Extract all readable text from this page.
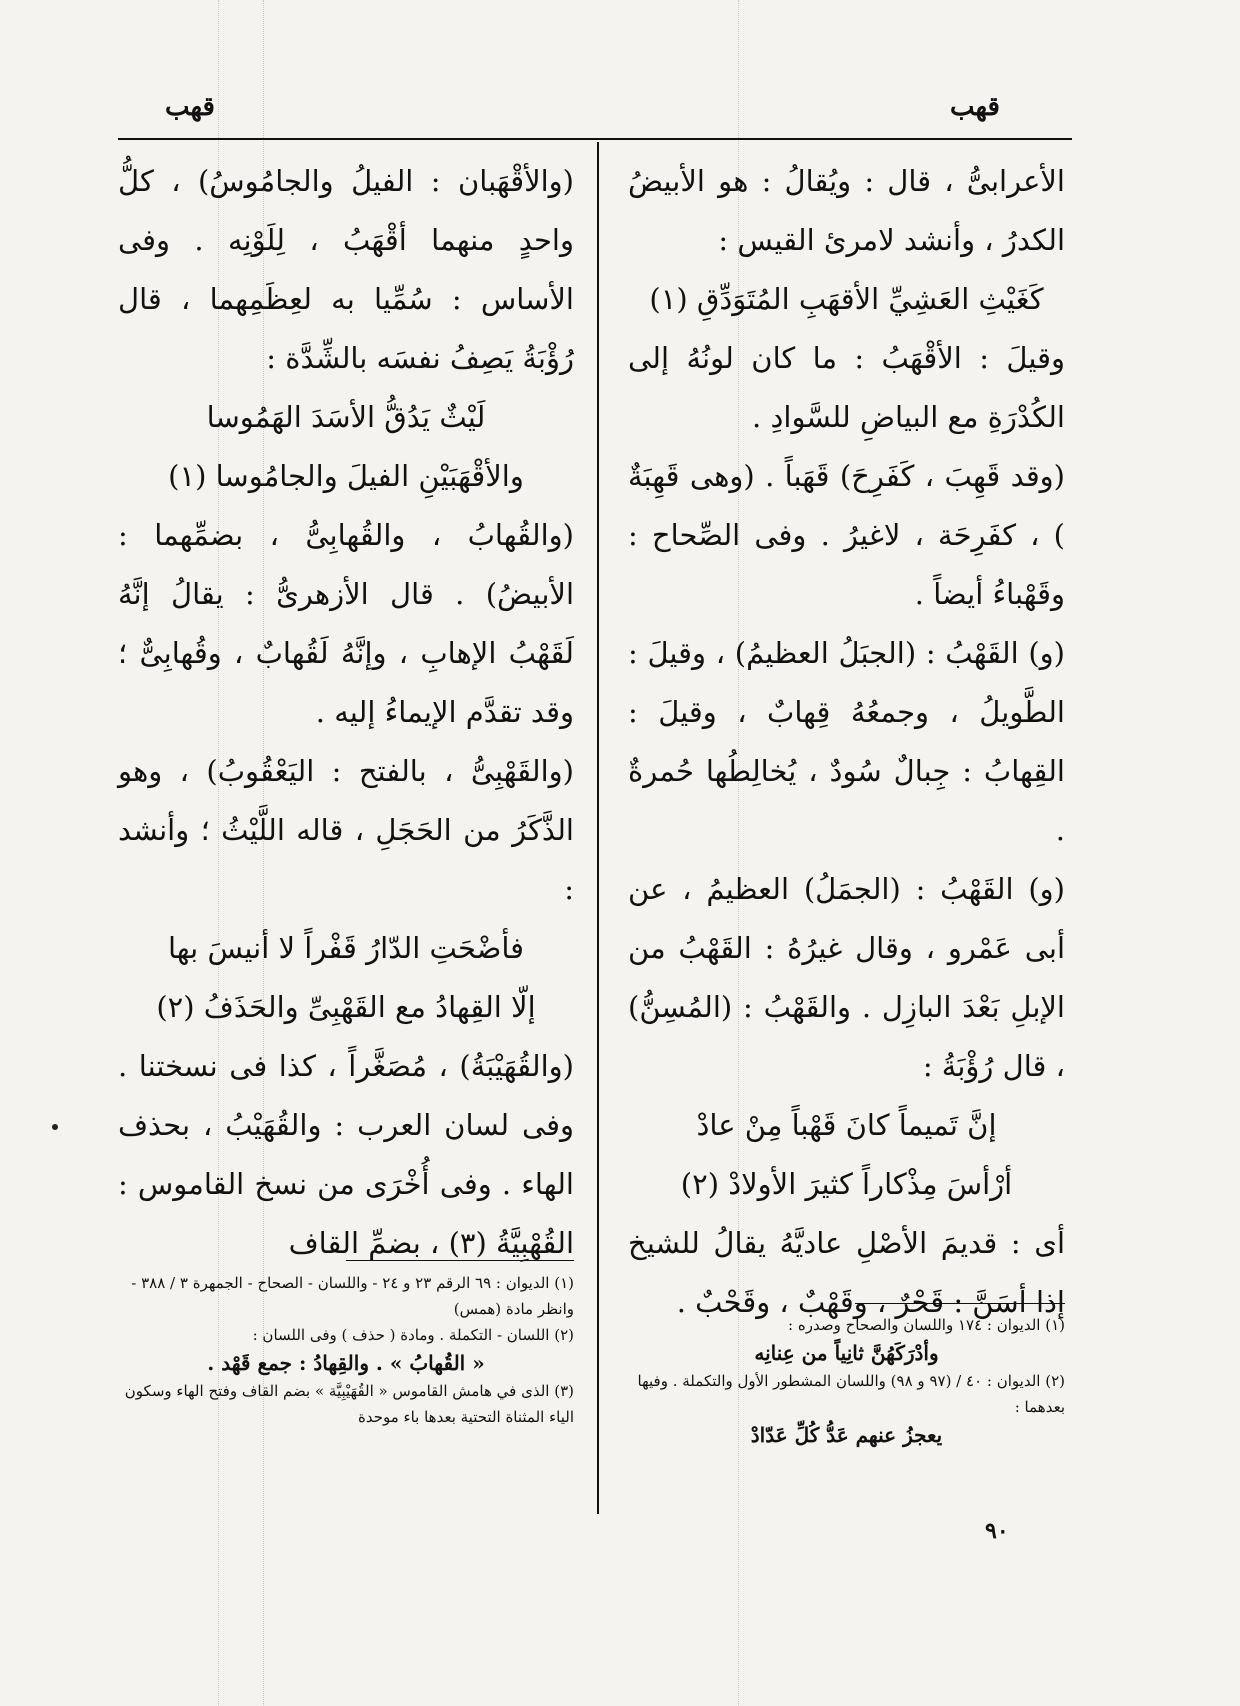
قهب
قهب

الأعرابىُّ ، قال : ويُقالُ : هو الأبيضُ الكدرُ ، وأنشد لامرئ القيس :

كَغَيْثِ العَشِيِّ الأقهَبِ المُتَوَدِّقِ (١)

وقيلَ : الأقْهَبُ : ما كان لونُهُ إلى الكُدْرَةِ مع البياضِ للسَّوادِ .

(وقد قَهِبَ ، كَفَرِحَ) قَهَباً . (وهى قَهِبَةٌ ) ، كفَرِحَة ، لاغيرُ . وفى الصِّحاح : وقَهْباءُ أيضاً .

(و) القَهْبُ : (الجبَلُ العظيمُ) ، وقيلَ : الطَّويلُ ، وجمعُهُ قِهابٌ ، وقيلَ : القِهابُ : جِبالٌ سُودٌ ، يُخالِطُها حُمرةٌ .

(و) القَهْبُ : (الجمَلُ) العظيمُ ، عن أبى عَمْرو ، وقال غيرُهُ : القَهْبُ من الإبلِ بَعْدَ البازِل . والقَهْبُ : (المُسِنُّ) ، قال رُؤْبَةُ :

إنَّ تَميماً كانَ قَهْباً مِنْ عادْ

أرْأسَ مِذْكاراً كثيرَ الأولادْ (٢)

أى : قديمَ الأصْلِ عاديَّهُ يقالُ للشيخ إذا أسَنَّ : قَحْرٌ ، وقَهْبٌ ، وقَحْبٌ .

(والأقْهَبان : الفيلُ والجامُوسُ) ، كلُّ واحدٍ منهما أقْهَبُ ، لِلَوْنِه . وفى الأساس : سُمِّيا به لعِظَمِهما ، قال رُؤْبَةُ يَصِفُ نفسَه بالشِّدَّة :

لَيْثٌ يَدُقُّ الأسَدَ الهَمُوسا

والأقْهَبَيْنِ الفيلَ والجامُوسا (١)

(والقُهابُ ، والقُهابِىُّ ، بضمِّهما : الأبيضُ) . قال الأزهرىُّ : يقالُ إنَّهُ لَقَهْبُ الإهابِ ، وإنَّهُ لَقُهابٌ ، وقُهابِىٌّ ؛ وقد تقدَّم الإيماءُ إليه .

(والقَهْبِىُّ ، بالفتح : اليَعْقُوبُ) ، وهو الذَّكَرُ من الحَجَلِ ، قاله اللَّيْثُ ؛ وأنشد :

فأضْحَتِ الدّارُ قَفْراً لا أنيسَ بها

إلّا القِهادُ مع القَهْبِىِّ والحَذَفُ (٢)

(والقُهَيْبَةُ) ، مُصَغَّراً ، كذا فى نسختنا . وفى لسان العرب : والقُهَيْبُ ، بحذف الهاء . وفى أُخْرَى من نسخ القاموس : القُهْبِيَّةُ (٣) ، بضمِّ القاف

(١) الديوان : ١٧٤ واللسان والصحاح وصدره :

وأدْرَكَهُنَّ ثانِياً من عِنانِه

(٢) الديوان : ٤٠ / (٩٧ و ٩٨) واللسان المشطور الأول والتكملة . وفيها بعدهما :

يعجزُ عنهم عَدُّ كُلِّ عَدّادْ

(١) الديوان : ٦٩ الرقم ٢٣ و ٢٤ - واللسان - الصحاح - الجمهرة ٣ / ٣٨٨ - وانظر مادة (همس)

(٢) اللسان - التكملة . ومادة ( حذف ) وفى اللسان :

« القُهابُ » . والقِهادُ : جمع قَهْد .

(٣) الذى في هامش القاموس « القُهَيْبِيَّة » بضم القاف وفتح الهاء وسكون الياء المثناة التحتية بعدها باء موحدة

٩٠
